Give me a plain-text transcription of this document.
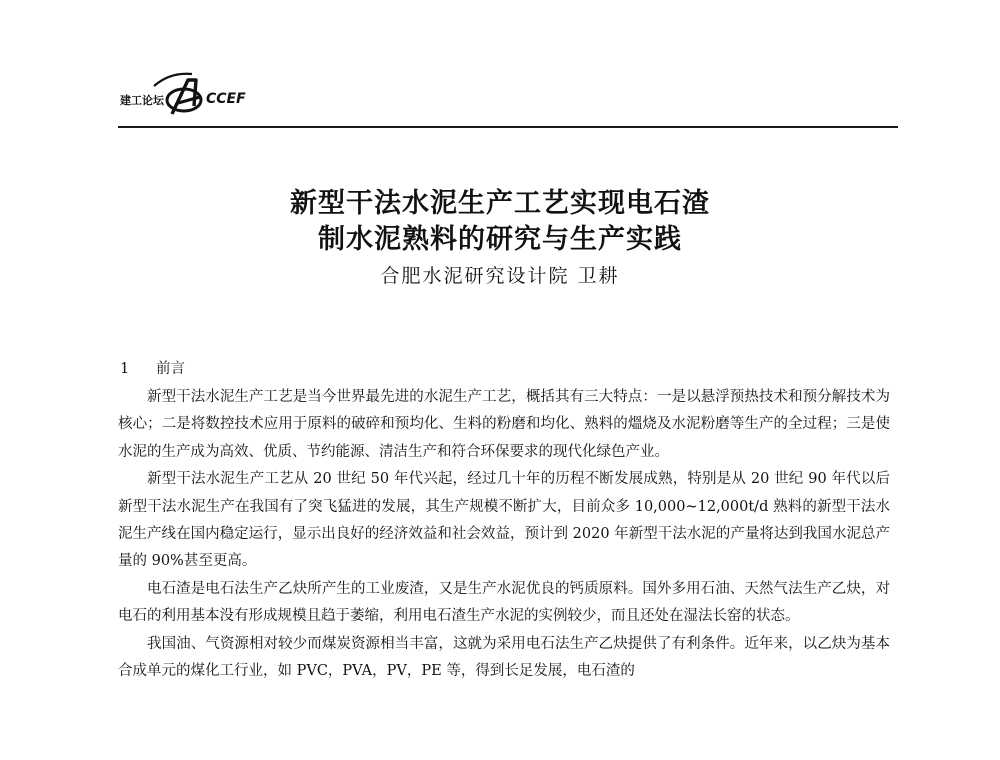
建工论坛	CCEF
新型干法水泥生产工艺实现电石渣
制水泥熟料的研究与生产实践
合肥水泥研究设计院 卫耕
1 前言

新型干法水泥生产工艺是当今世界最先进的水泥生产工艺，概括其有三大特点：一是以悬浮预热技术和预分解技术为核心；二是将数控技术应用于原料的破碎和预均化、生料的粉磨和均化、熟料的熅烧及水泥粉磨等生产的全过程；三是使水泥的生产成为高效、优质、节约能源、清洁生产和符合环保要求的现代化绿色产业。

新型干法水泥生产工艺从 20 世纪 50 年代兴起，经过几十年的历程不断发展成熟，特别是从 20 世纪 90 年代以后新型干法水泥生产在我国有了突飞猛进的发展，其生产规模不断扩大，目前众多 10,000~12,000t/d 熟料的新型干法水泥生产线在国内稳定运行，显示出良好的经济效益和社会效益，预计到 2020 年新型干法水泥的产量将达到我国水泥总产量的 90%甚至更高。

电石渣是电石法生产乙炔所产生的工业废渣，又是生产水泥优良的钙质原料。国外多用石油、天然气法生产乙炔，对电石的利用基本没有形成规模且趋于萎缩，利用电石渣生产水泥的实例较少，而且还处在湿法长窑的状态。

我国油、气资源相对较少而煤炭资源相当丰富，这就为采用电石法生产乙炔提供了有利条件。近年来，以乙炔为基本合成单元的煤化工行业，如 PVC，PVA，PV，PE 等，得到长足发展，电石渣的
